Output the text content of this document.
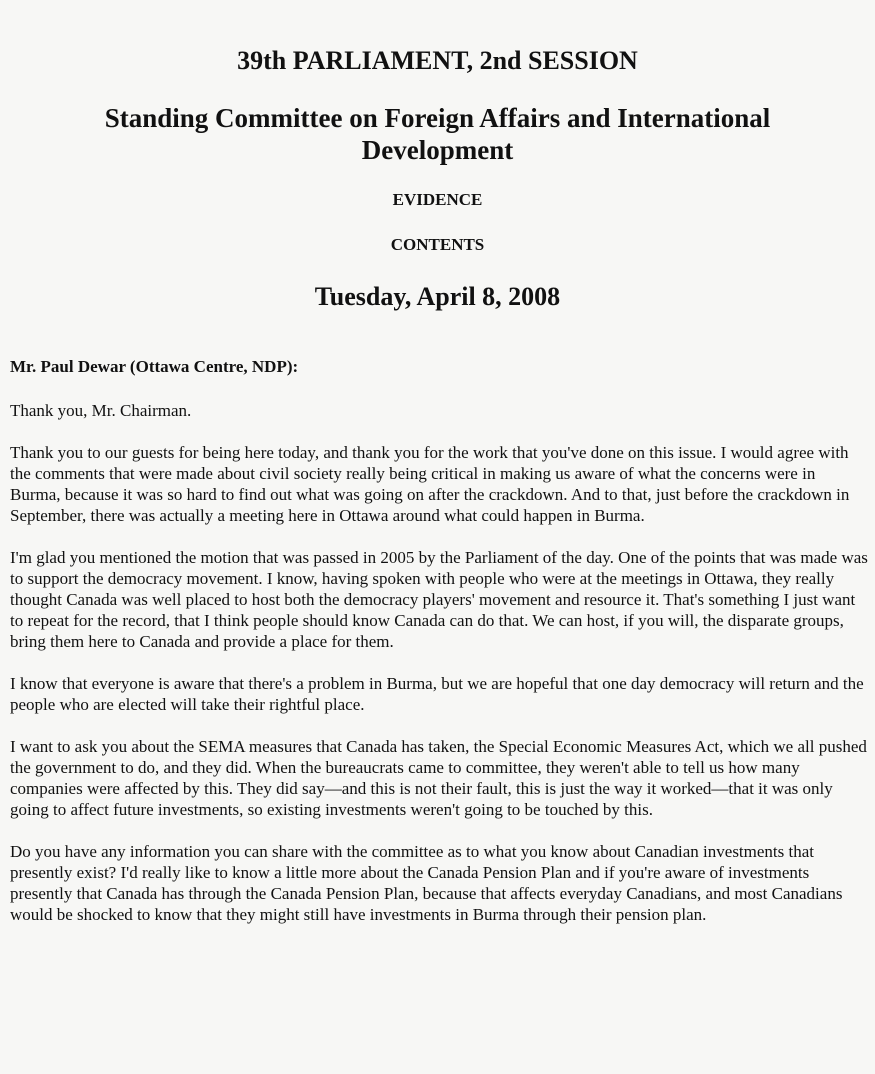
39th PARLIAMENT, 2nd SESSION
Standing Committee on Foreign Affairs and International Development
EVIDENCE
CONTENTS
Tuesday, April 8, 2008
Mr. Paul Dewar (Ottawa Centre, NDP):

Thank you, Mr. Chairman.

Thank you to our guests for being here today, and thank you for the work that you've done on this issue. I would agree with the comments that were made about civil society really being critical in making us aware of what the concerns were in Burma, because it was so hard to find out what was going on after the crackdown. And to that, just before the crackdown in September, there was actually a meeting here in Ottawa around what could happen in Burma.

I'm glad you mentioned the motion that was passed in 2005 by the Parliament of the day. One of the points that was made was to support the democracy movement. I know, having spoken with people who were at the meetings in Ottawa, they really thought Canada was well placed to host both the democracy players' movement and resource it. That's something I just want to repeat for the record, that I think people should know Canada can do that. We can host, if you will, the disparate groups, bring them here to Canada and provide a place for them.

I know that everyone is aware that there's a problem in Burma, but we are hopeful that one day democracy will return and the people who are elected will take their rightful place.

I want to ask you about the SEMA measures that Canada has taken, the Special Economic Measures Act, which we all pushed the government to do, and they did. When the bureaucrats came to committee, they weren't able to tell us how many companies were affected by this. They did say—and this is not their fault, this is just the way it worked—that it was only going to affect future investments, so existing investments weren't going to be touched by this.

Do you have any information you can share with the committee as to what you know about Canadian investments that presently exist? I'd really like to know a little more about the Canada Pension Plan and if you're aware of investments presently that Canada has through the Canada Pension Plan, because that affects everyday Canadians, and most Canadians would be shocked to know that they might still have investments in Burma through their pension plan.
